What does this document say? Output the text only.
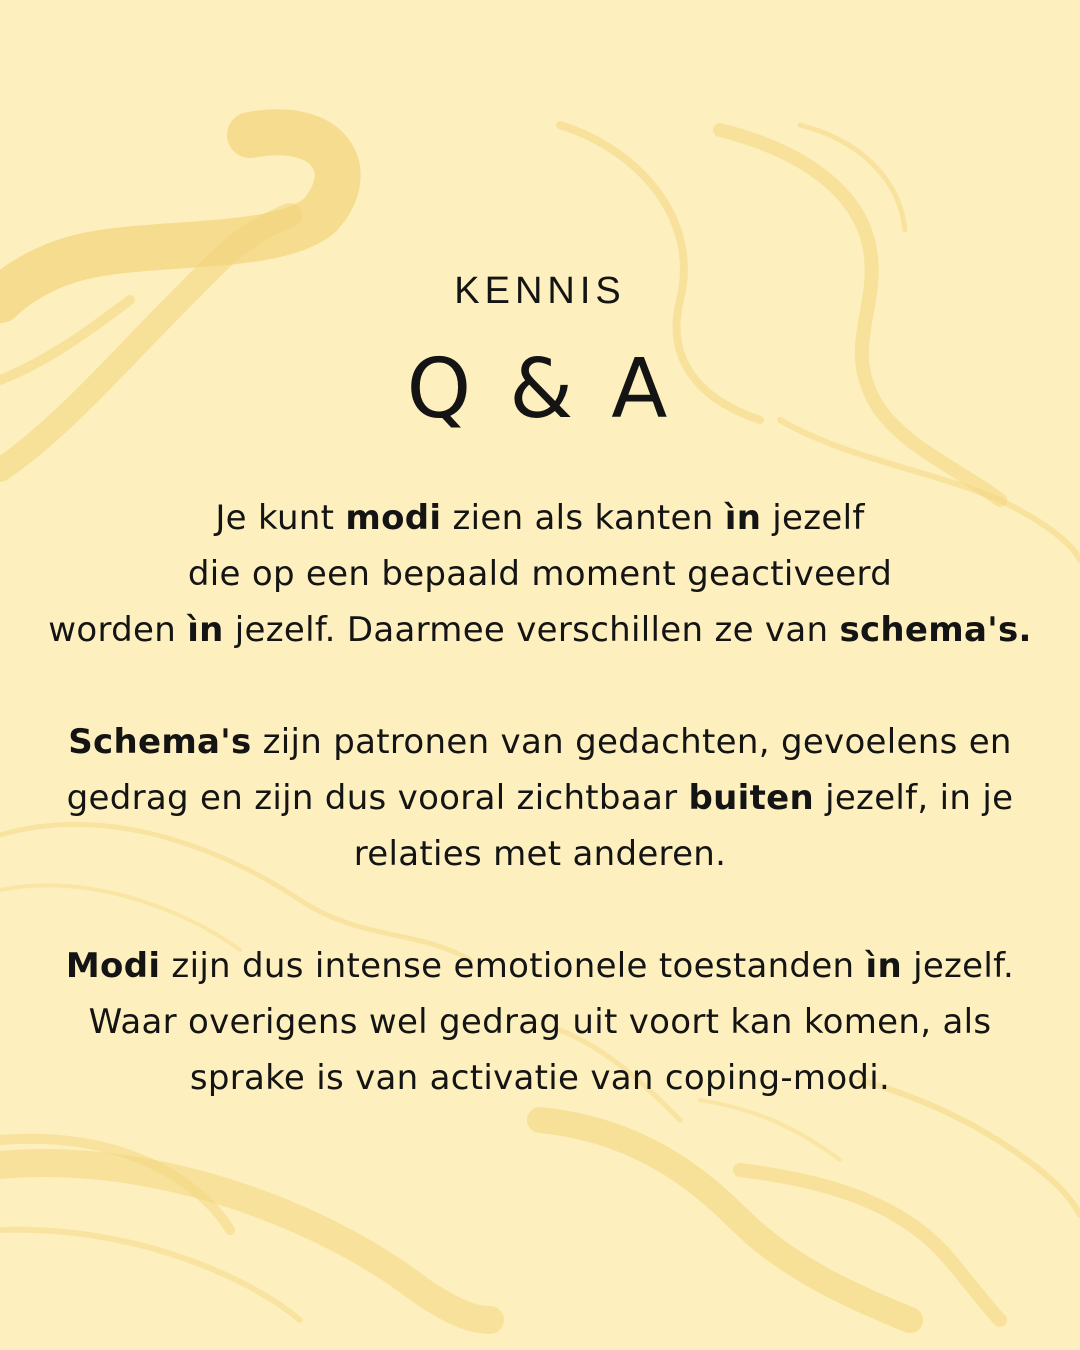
KENNIS

Q & A
Je kunt modi zien als kanten ìn jezelf
die op een bepaald moment geactiveerd
worden ìn jezelf. Daarmee verschillen ze van schema's.
Schema's zijn patronen van gedachten, gevoelens en
gedrag en zijn dus vooral zichtbaar buiten jezelf, in je
relaties met anderen.
Modi zijn dus intense emotionele toestanden ìn jezelf.
Waar overigens wel gedrag uit voort kan komen, als
sprake is van activatie van coping-modi.
